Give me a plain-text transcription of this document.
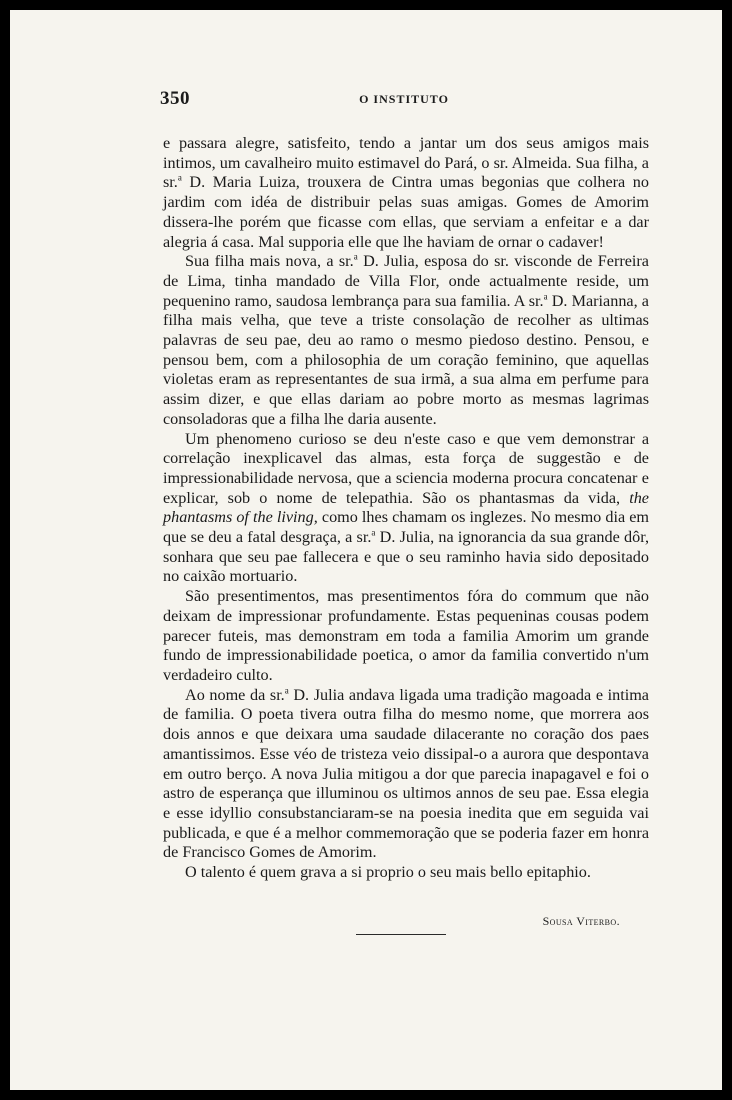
350	O INSTITUTO

e passara alegre, satisfeito, tendo a jantar um dos seus amigos mais intimos, um cavalheiro muito estimavel do Pará, o sr. Almeida. Sua filha, a sr.$^a$ D. Maria Luiza, trouxera de Cintra umas begonias que colhera no jardim com idéa de distribuir pelas suas amigas. Gomes de Amorim dissera-lhe porém que ficasse com ellas, que serviam a enfeitar e a dar alegria á casa. Mal supporia elle que lhe haviam de ornar o cadaver!

Sua filha mais nova, a sr.$^a$ D. Julia, esposa do sr. visconde de Ferreira de Lima, tinha mandado de Villa Flor, onde actualmente reside, um pequenino ramo, saudosa lembrança para sua familia. A sr.$^a$ D. Marianna, a filha mais velha, que teve a triste consolação de recolher as ultimas palavras de seu pae, deu ao ramo o mesmo piedoso destino. Pensou, e pensou bem, com a philosophia de um coração feminino, que aquellas violetas eram as representantes de sua irmã, a sua alma em perfume para assim dizer, e que ellas dariam ao pobre morto as mesmas lagrimas consoladoras que a filha lhe daria ausente.

Um phenomeno curioso se deu n'este caso e que vem demonstrar a correlação inexplicavel das almas, esta força de suggestão e de impressionabilidade nervosa, que a sciencia moderna procura concatenar e explicar, sob o nome de telepathia. São os phantasmas da vida, the phantasms of the living, como lhes chamam os inglezes. No mesmo dia em que se deu a fatal desgraça, a sr.$^a$ D. Julia, na ignorancia da sua grande dôr, sonhara que seu pae fallecera e que o seu raminho havia sido depositado no caixão mortuario.

São presentimentos, mas presentimentos fóra do commum que não deixam de impressionar profundamente. Estas pequeninas cousas podem parecer futeis, mas demonstram em toda a familia Amorim um grande fundo de impressionabilidade poetica, o amor da familia convertido n'um verdadeiro culto.

Ao nome da sr.$^a$ D. Julia andava ligada uma tradição magoada e intima de familia. O poeta tivera outra filha do mesmo nome, que morrera aos dois annos e que deixara uma saudade dilacerante no coração dos paes amantissimos. Esse véo de tristeza veio dissipal-o a aurora que despontava em outro berço. A nova Julia mitigou a dor que parecia inapagavel e foi o astro de esperança que illuminou os ultimos annos de seu pae. Essa elegia e esse idyllio consubstanciaram-se na poesia inedita que em seguida vai publicada, e que é a melhor commemoração que se poderia fazer em honra de Francisco Gomes de Amorim.

O talento é quem grava a si proprio o seu mais bello epitaphio.

Sousa Viterbo.
